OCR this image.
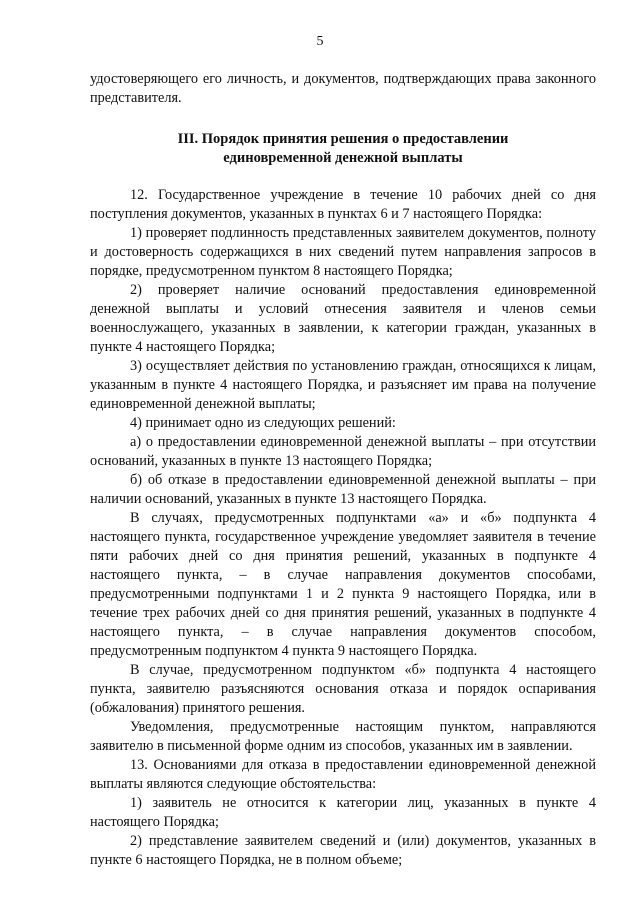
5

удостоверяющего его личность, и документов, подтверждающих права законного представителя.

III. Порядок принятия решения о предоставлении
единовременной денежной выплаты

12. Государственное учреждение в течение 10 рабочих дней со дня поступления документов, указанных в пунктах 6 и 7 настоящего Порядка:

1) проверяет подлинность представленных заявителем документов, полноту и достоверность содержащихся в них сведений путем направления запросов в порядке, предусмотренном пунктом 8 настоящего Порядка;

2) проверяет наличие оснований предоставления единовременной денежной выплаты и условий отнесения заявителя и членов семьи военнослужащего, указанных в заявлении, к категории граждан, указанных в пункте 4 настоящего Порядка;

3) осуществляет действия по установлению граждан, относящихся к лицам, указанным в пункте 4 настоящего Порядка, и разъясняет им права на получение единовременной денежной выплаты;

4) принимает одно из следующих решений:

а) о предоставлении единовременной денежной выплаты – при отсутствии оснований, указанных в пункте 13 настоящего Порядка;

б) об отказе в предоставлении единовременной денежной выплаты – при наличии оснований, указанных в пункте 13 настоящего Порядка.

В случаях, предусмотренных подпунктами «а» и «б» подпункта 4 настоящего пункта, государственное учреждение уведомляет заявителя в течение пяти рабочих дней со дня принятия решений, указанных в подпункте 4 настоящего пункта, – в случае направления документов способами, предусмотренными подпунктами 1 и 2 пункта 9 настоящего Порядка, или в течение трех рабочих дней со дня принятия решений, указанных в подпункте 4 настоящего пункта, – в случае направления документов способом, предусмотренным подпунктом 4 пункта 9 настоящего Порядка.

В случае, предусмотренном подпунктом «б» подпункта 4 настоящего пункта, заявителю разъясняются основания отказа и порядок оспаривания (обжалования) принятого решения.

Уведомления, предусмотренные настоящим пунктом, направляются заявителю в письменной форме одним из способов, указанных им в заявлении.

13. Основаниями для отказа в предоставлении единовременной денежной выплаты являются следующие обстоятельства:

1) заявитель не относится к категории лиц, указанных в пункте 4 настоящего Порядка;

2) представление заявителем сведений и (или) документов, указанных в пункте 6 настоящего Порядка, не в полном объеме;
